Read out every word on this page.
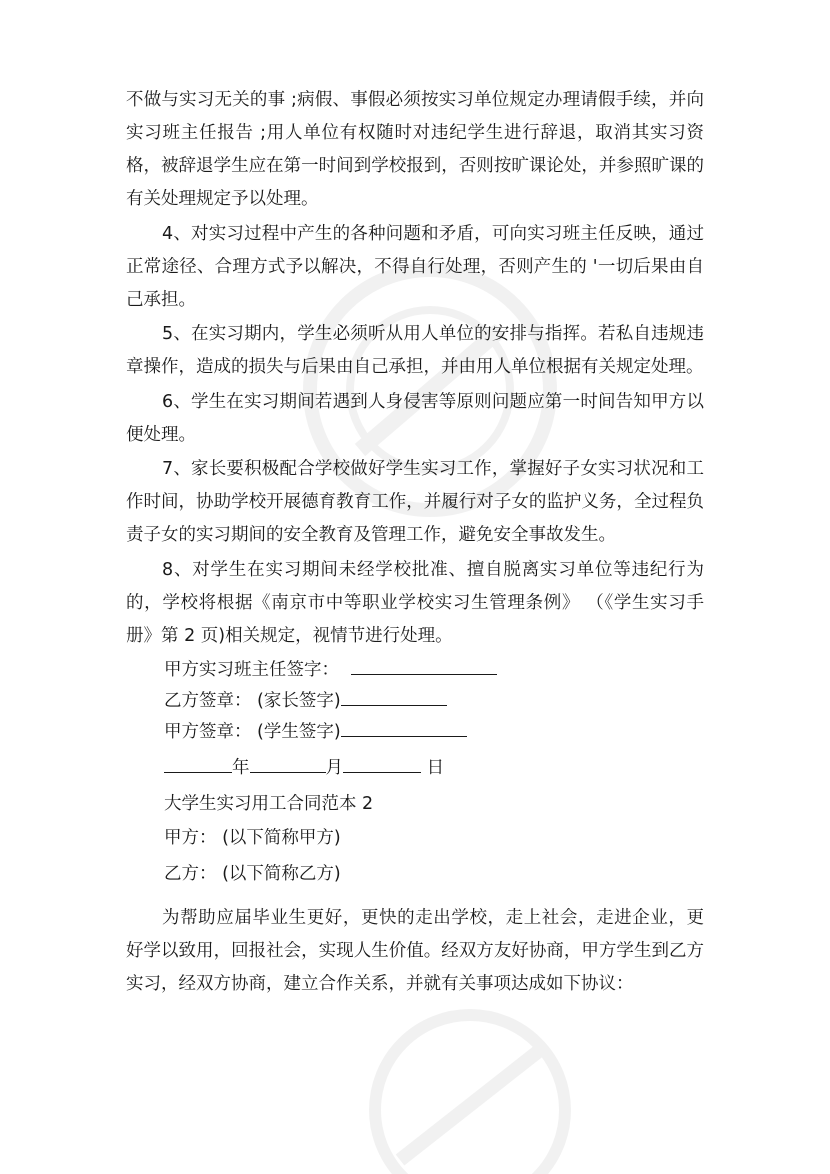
不做与实习无关的事 ;病假、事假必须按实习单位规定办理请假手续，并向实习班主任报告 ;用人单位有权随时对违纪学生进行辞退，取消其实习资格，被辞退学生应在第一时间到学校报到，否则按旷课论处，并参照旷课的有关处理规定予以处理。

4、对实习过程中产生的各种问题和矛盾，可向实习班主任反映，通过正常途径、合理方式予以解决，不得自行处理，否则产生的 '一切后果由自己承担。

5、在实习期内，学生必须听从用人单位的安排与指挥。若私自违规违章操作，造成的损失与后果由自己承担，并由用人单位根据有关规定处理。

6、学生在实习期间若遇到人身侵害等原则问题应第一时间告知甲方以便处理。

7、家长要积极配合学校做好学生实习工作，掌握好子女实习状况和工作时间，协助学校开展德育教育工作，并履行对子女的监护义务，全过程负责子女的实习期间的安全教育及管理工作，避免安全事故发生。

8、对学生在实习期间未经学校批准、擅自脱离实习单位等违纪行为的，学校将根据《南京市中等职业学校实习生管理条例》 （《学生实习手册》第 2 页)相关规定，视情节进行处理。

甲方实习班主任签字：

乙方签章： (家长签字)

甲方签章： (学生签字)

年	月	日

大学生实习用工合同范本 2

甲方： (以下简称甲方)

乙方： (以下简称乙方)

为帮助应届毕业生更好，更快的走出学校，走上社会，走进企业，更好学以致用，回报社会，实现人生价值。经双方友好协商，甲方学生到乙方实习，经双方协商，建立合作关系，并就有关事项达成如下协议：
